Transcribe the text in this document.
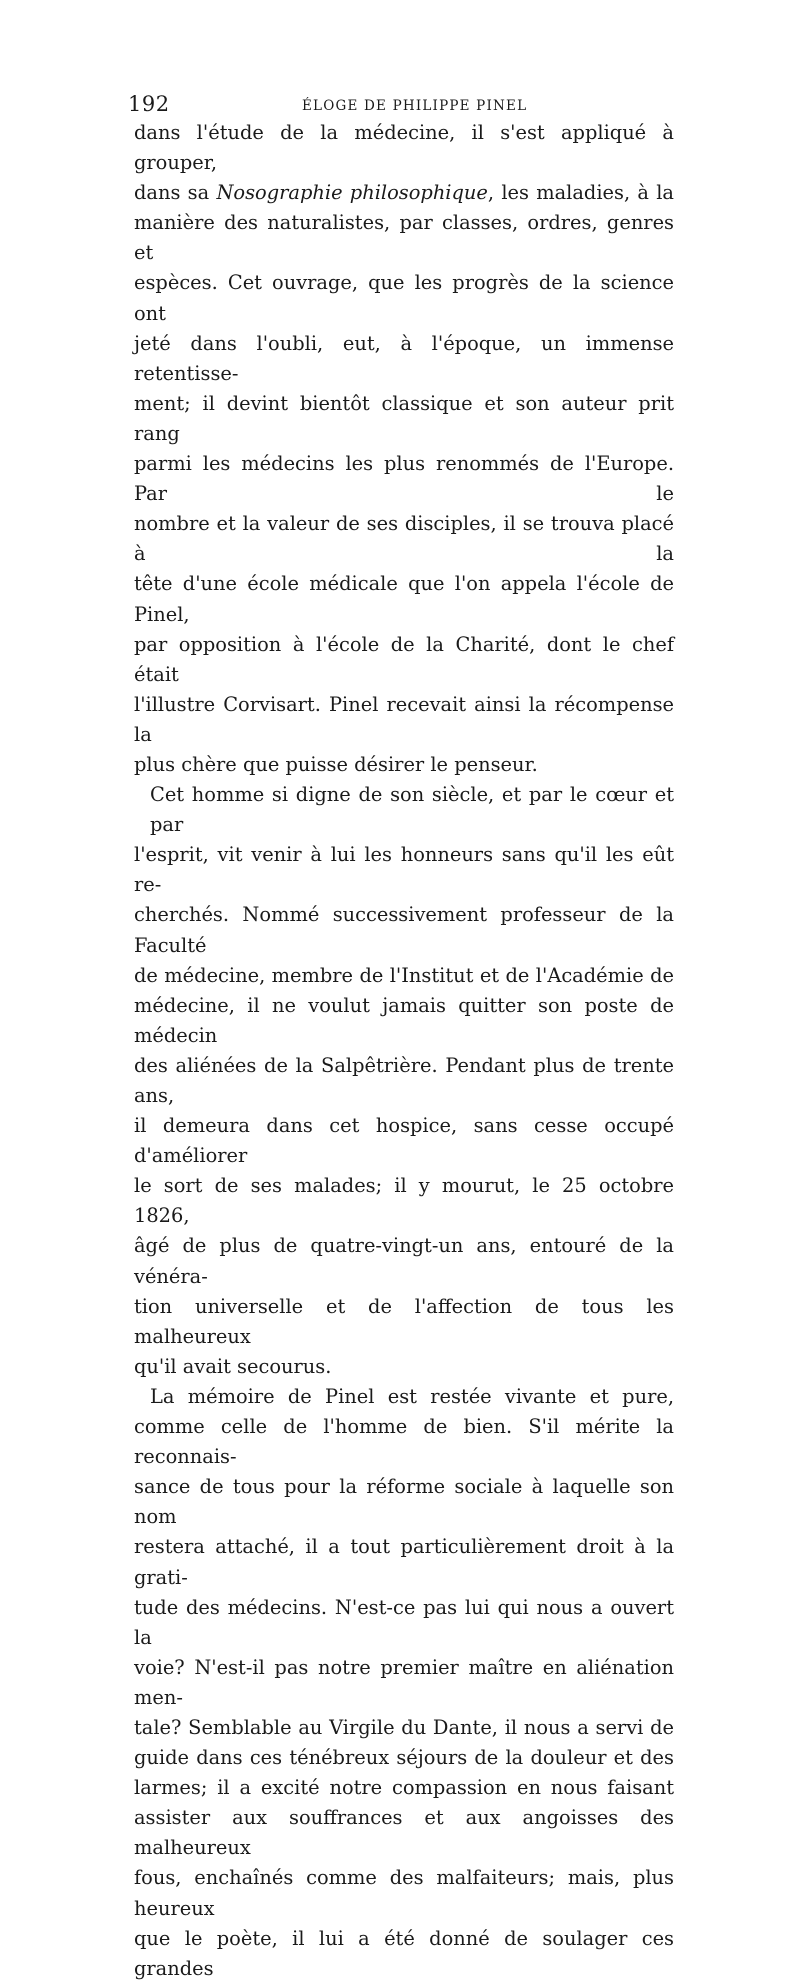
192	ÉLOGE DE PHILIPPE PINEL

dans l'étude de la médecine, il s'est appliqué à grouper,

dans sa Nosographie philosophique, les maladies, à la

manière des naturalistes, par classes, ordres, genres et

espèces. Cet ouvrage, que les progrès de la science ont

jeté dans l'oubli, eut, à l'époque, un immense retentisse-

ment; il devint bientôt classique et son auteur prit rang

parmi les médecins les plus renommés de l'Europe. Par le

nombre et la valeur de ses disciples, il se trouva placé à la

tête d'une école médicale que l'on appela l'école de Pinel,

par opposition à l'école de la Charité, dont le chef était

l'illustre Corvisart. Pinel recevait ainsi la récompense la

plus chère que puisse désirer le penseur.

Cet homme si digne de son siècle, et par le cœur et par

l'esprit, vit venir à lui les honneurs sans qu'il les eût re-

cherchés. Nommé successivement professeur de la Faculté

de médecine, membre de l'Institut et de l'Académie de

médecine, il ne voulut jamais quitter son poste de médecin

des aliénées de la Salpêtrière. Pendant plus de trente ans,

il demeura dans cet hospice, sans cesse occupé d'améliorer

le sort de ses malades; il y mourut, le 25 octobre 1826,

âgé de plus de quatre-vingt-un ans, entouré de la vénéra-

tion universelle et de l'affection de tous les malheureux

qu'il avait secourus.

La mémoire de Pinel est restée vivante et pure,

comme celle de l'homme de bien. S'il mérite la reconnais-

sance de tous pour la réforme sociale à laquelle son nom

restera attaché, il a tout particulièrement droit à la grati-

tude des médecins. N'est-ce pas lui qui nous a ouvert la

voie? N'est-il pas notre premier maître en aliénation men-

tale? Semblable au Virgile du Dante, il nous a servi de

guide dans ces ténébreux séjours de la douleur et des

larmes; il a excité notre compassion en nous faisant

assister aux souffrances et aux angoisses des malheureux

fous, enchaînés comme des malfaiteurs; mais, plus heureux

que le poète, il lui a été donné de soulager ces grandes
